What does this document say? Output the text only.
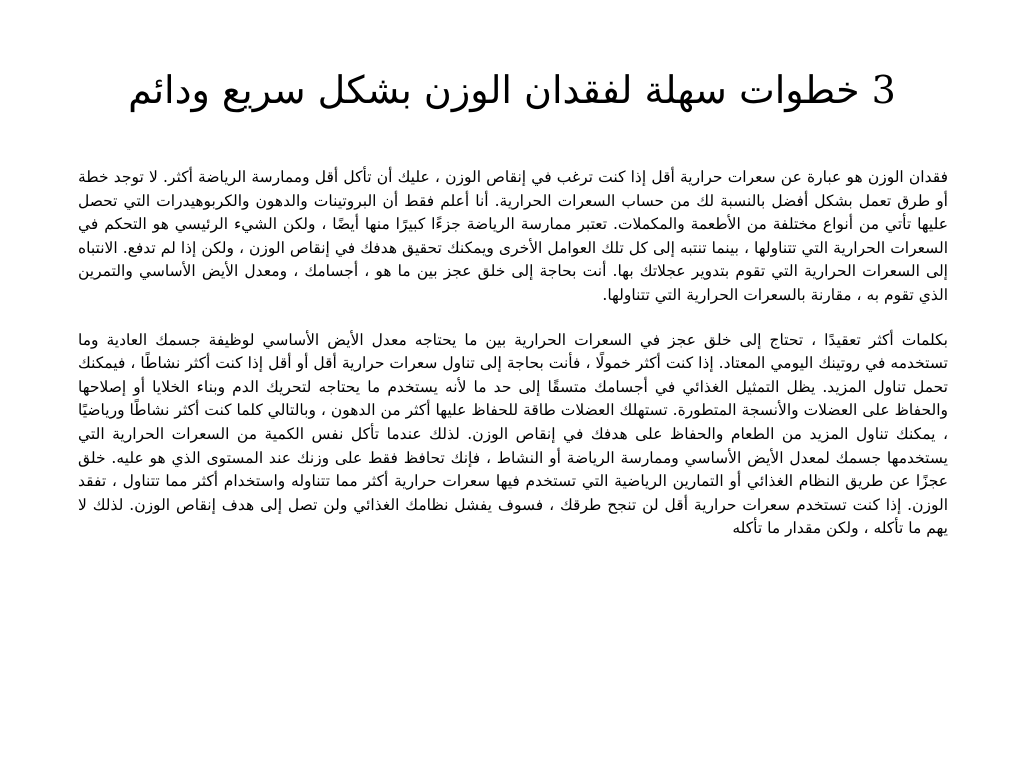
3 خطوات سهلة لفقدان الوزن بشكل سريع ودائم

فقدان الوزن هو عبارة عن سعرات حرارية أقل إذا كنت ترغب في إنقاص الوزن ، عليك أن تأكل أقل وممارسة الرياضة أكثر. لا توجد خطة أو طرق تعمل بشكل أفضل بالنسبة لك من حساب السعرات الحرارية. أنا أعلم فقط أن البروتينات والدهون والكربوهيدرات التي تحصل عليها تأتي من أنواع مختلفة من الأطعمة والمكملات. تعتبر ممارسة الرياضة جزءًا كبيرًا منها أيضًا ، ولكن الشيء الرئيسي هو التحكم في السعرات الحرارية التي تتناولها ، بينما تنتبه إلى كل تلك العوامل الأخرى ويمكنك تحقيق هدفك في إنقاص الوزن ، ولكن إذا لم تدفع. الانتباه إلى السعرات الحرارية التي تقوم بتدوير عجلاتك بها. أنت بحاجة إلى خلق عجز بين ما هو ، أجسامك ، ومعدل الأيض الأساسي والتمرين الذي تقوم به ، مقارنة بالسعرات الحرارية التي تتناولها.

بكلمات أكثر تعقيدًا ، تحتاج إلى خلق عجز في السعرات الحرارية بين ما يحتاجه معدل الأيض الأساسي لوظيفة جسمك العادية وما تستخدمه في روتينك اليومي المعتاد. إذا كنت أكثر خمولًا ، فأنت بحاجة إلى تناول سعرات حرارية أقل أو أقل إذا كنت أكثر نشاطًا ، فيمكنك تحمل تناول المزيد. يظل التمثيل الغذائي في أجسامك متسقًا إلى حد ما لأنه يستخدم ما يحتاجه لتحريك الدم وبناء الخلايا أو إصلاحها والحفاظ على العضلات والأنسجة المتطورة. تستهلك العضلات طاقة للحفاظ عليها أكثر من الدهون ، وبالتالي كلما كنت أكثر نشاطًا ورياضيًا ، يمكنك تناول المزيد من الطعام والحفاظ على هدفك في إنقاص الوزن. لذلك عندما تأكل نفس الكمية من السعرات الحرارية التي يستخدمها جسمك لمعدل الأيض الأساسي وممارسة الرياضة أو النشاط ، فإنك تحافظ فقط على وزنك عند المستوى الذي هو عليه. خلق عجزًا عن طريق النظام الغذائي أو التمارين الرياضية التي تستخدم فيها سعرات حرارية أكثر مما تتناوله واستخدام أكثر مما تتناول ، تفقد الوزن. إذا كنت تستخدم سعرات حرارية أقل لن تنجح طرقك ، فسوف يفشل نظامك الغذائي ولن تصل إلى هدف إنقاص الوزن. لذلك لا يهم ما تأكله ، ولكن مقدار ما تأكله
